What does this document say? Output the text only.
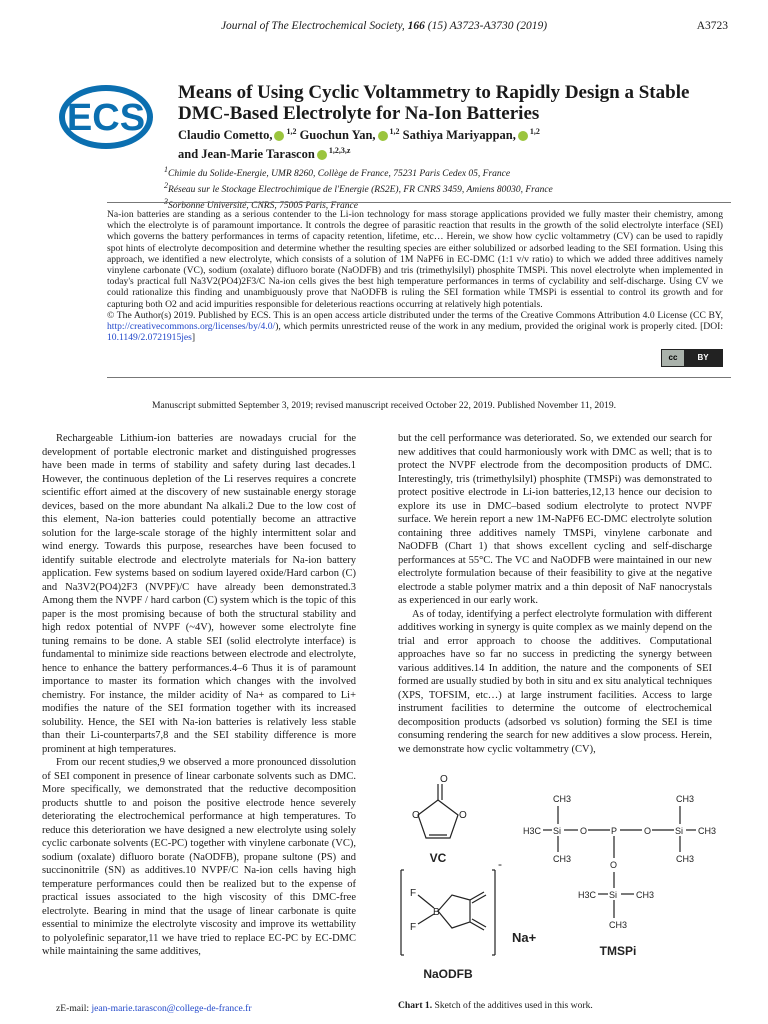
Journal of The Electrochemical Society, 166 (15) A3723-A3730 (2019)	A3723
ECS
Means of Using Cyclic Voltammetry to Rapidly Design a Stable DMC-Based Electrolyte for Na-Ion Batteries
Claudio Cometto, $^{1,2}$ Guochun Yan, $^{1,2}$ Sathiya Mariyappan, $^{1,2}$
and Jean-Marie Tarascon $^{1,2,3,z}$
$^1$Chimie du Solide-Energie, UMR 8260, Collège de France, 75231 Paris Cedex 05, France
$^2$Réseau sur le Stockage Electrochimique de l'Energie (RS2E), FR CNRS 3459, Amiens 80030, France
$^3$Sorbonne Université, CNRS, 75005 Paris, France

Na-ion batteries are standing as a serious contender to the Li-ion technology for mass storage applications provided we fully master their chemistry, among which the electrolyte is of paramount importance. It controls the degree of parasitic reaction that results in the growth of the solid electrolyte interface (SEI) which governs the battery performances in terms of capacity retention, lifetime, etc… Herein, we show how cyclic voltammetry (CV) can be used to rapidly spot hints of electrolyte decomposition and determine whether the resulting species are either solubilized or adsorbed leading to the SEI formation. Using this approach, we identified a new electrolyte, which consists of a solution of 1M NaPF6 in EC-DMC (1:1 v/v ratio) to which we added three additives namely vinylene carbonate (VC), sodium (oxalate) difluoro borate (NaODFB) and tris (trimethylsilyl) phosphite TMSPi. This novel electrolyte when implemented in today's practical full Na3V2(PO4)2F3/C Na-ion cells gives the best high temperature performances in terms of cyclability and self-discharge. Using CV we could rationalize this finding and unambiguously prove that NaODFB is ruling the SEI formation while TMSPi is essential to control its growth and for capturing both O2 and acid impurities responsible for deleterious reactions occurring at relatively high potentials.

© The Author(s) 2019. Published by ECS. This is an open access article distributed under the terms of the Creative Commons Attribution 4.0 License (CC BY, http://creativecommons.org/licenses/by/4.0/), which permits unrestricted reuse of the work in any medium, provided the original work is properly cited. [DOI: 10.1149/2.0721915jes]

cc	BY
Manuscript submitted September 3, 2019; revised manuscript received October 22, 2019. Published November 11, 2019.

Rechargeable Lithium-ion batteries are nowadays crucial for the development of portable electronic market and distinguished progresses have been made in terms of stability and safety during last decades.1 However, the continuous depletion of the Li reserves requires a concrete scientific effort aimed at the discovery of new sustainable energy storage devices, based on the more abundant Na alkali.2 Due to the low cost of this element, Na-ion batteries could potentially become an attractive solution for the large-scale storage of the highly intermittent solar and wind energy. Towards this purpose, researches have been focused to identify suitable electrode and electrolyte materials for Na-ion battery application. Few systems based on sodium layered oxide/Hard carbon (C) and Na3V2(PO4)2F3 (NVPF)/C have already been demonstrated.3 Among them the NVPF / hard carbon (C) system which is the topic of this paper is the most promising because of both the structural stability and high redox potential of NVPF (~4V), however some electrolyte fine tuning remains to be done. A stable SEI (solid electrolyte interface) is fundamental to minimize side reactions between electrode and electrolyte, hence to enhance the battery performances.4–6 Thus it is of paramount importance to master its formation which changes with the involved chemistry. For instance, the milder acidity of Na+ as compared to Li+ modifies the nature of the SEI formation together with its increased solubility. Hence, the SEI with Na-ion batteries is relatively less stable than their Li-counterparts7,8 and the SEI stability difference is more prominent at high temperatures.

From our recent studies,9 we observed a more pronounced dissolution of SEI component in presence of linear carbonate solvents such as DMC. More specifically, we demonstrated that the reductive decomposition products shuttle to and poison the positive electrode hence severely deteriorating the electrochemical performance at high temperatures. To reduce this deterioration we have designed a new electrolyte using solely cyclic carbonate solvents (EC-PC) together with vinylene carbonate (VC), sodium (oxalate) difluoro borate (NaODFB), propane sultone (PS) and succinonitrile (SN) as additives.10 NVPF/C Na-ion cells having high temperature performances could then be realized but to the expense of practical issues associated to the high viscosity of this DMC-free electrolyte. Bearing in mind that the usage of linear carbonate is quite essential to minimize the electrolyte viscosity and improve its wettability to polyolefinic separator,11 we have tried to replace EC-PC by EC-DMC while maintaining the same additives,

but the cell performance was deteriorated. So, we extended our search for new additives that could harmoniously work with DMC as well; that is to protect the NVPF electrode from the decomposition products of DMC. Interestingly, tris (trimethylsilyl) phosphite (TMSPi) was demonstrated to protect positive electrode in Li-ion batteries,12,13 hence our decision to explore its use in DMC–based sodium electrolyte to protect NVPF surface. We herein report a new 1M-NaPF6 EC-DMC electrolyte solution containing three additives namely TMSPi, vinylene carbonate and NaODFB (Chart 1) that shows excellent cycling and self-discharge performances at 55°C. The VC and NaODFB were maintained in our new electrolyte formulation because of their feasibility to give at the negative electrode a stable polymer matrix and a thin deposit of NaF nanocrystals as experienced in our early work.

As of today, identifying a perfect electrolyte formulation with different additives working in synergy is quite complex as we mainly depend on the trial and error approach to choose the additives. Computational approaches have so far no success in predicting the synergy between various additives.14 In addition, the nature and the components of SEI formed are usually studied by both in situ and ex situ analytical techniques (XPS, TOFSIM, etc…) at large instrument facilities. Access to large instrument facilities to determine the outcome of electrochemical decomposition products (adsorbed vs solution) forming the SEI is time consuming rendering the search for new additives a slow process. Herein, we demonstrate how cyclic voltammetry (CV),

O
O	O
VC
F
F
B
-
Na+
NaODFB
CH3
H3C Si O	P	O	Si CH3
CH3
CH3
CH3
O
H3C Si CH3
CH3
TMSPi
Chart 1. Sketch of the additives used in this work.
zE-mail: jean-marie.tarascon@college-de-france.fr
